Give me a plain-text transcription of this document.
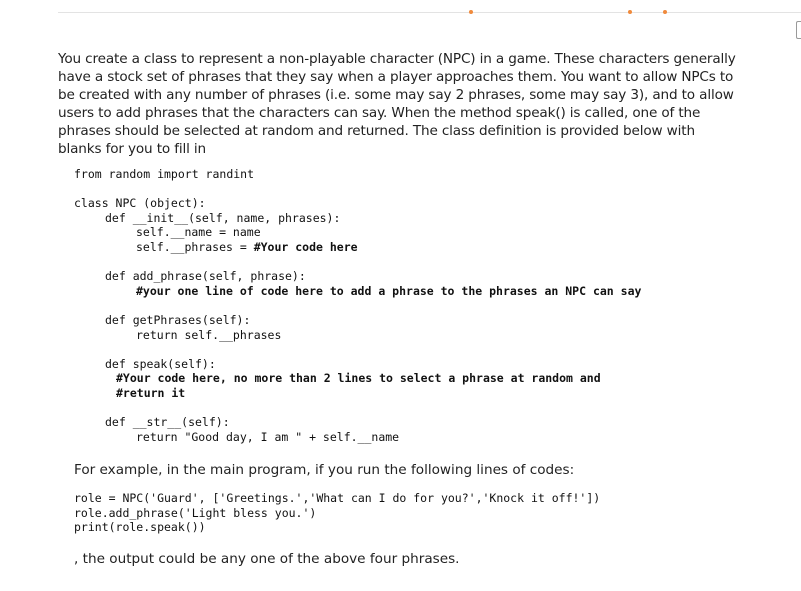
You create a class to represent a non-playable character (NPC) in a game. These characters generally have a stock set of phrases that they say when a player approaches them. You want to allow NPCs to be created with any number of phrases (i.e. some may say 2 phrases, some may say 3), and to allow users to add phrases that the characters can say. When the method speak() is called, one of the phrases should be selected at random and returned. The class definition is provided below with blanks for you to fill in

from random import randint

class NPC (object):
def __init__(self, name, phrases):
self.__name = name
self.__phrases = #Your code here

def add_phrase(self, phrase):
#your one line of code here to add a phrase to the phrases an NPC can say

def getPhrases(self):
return self.__phrases

def speak(self):
#Your code here, no more than 2 lines to select a phrase at random and
#return it

def __str__(self):
return "Good day, I am " + self.__name

For example, in the main program, if you run the following lines of codes:

role = NPC('Guard', ['Greetings.','What can I do for you?','Knock it off!'])
role.add_phrase('Light bless you.')
print(role.speak())

, the output could be any one of the above four phrases.
